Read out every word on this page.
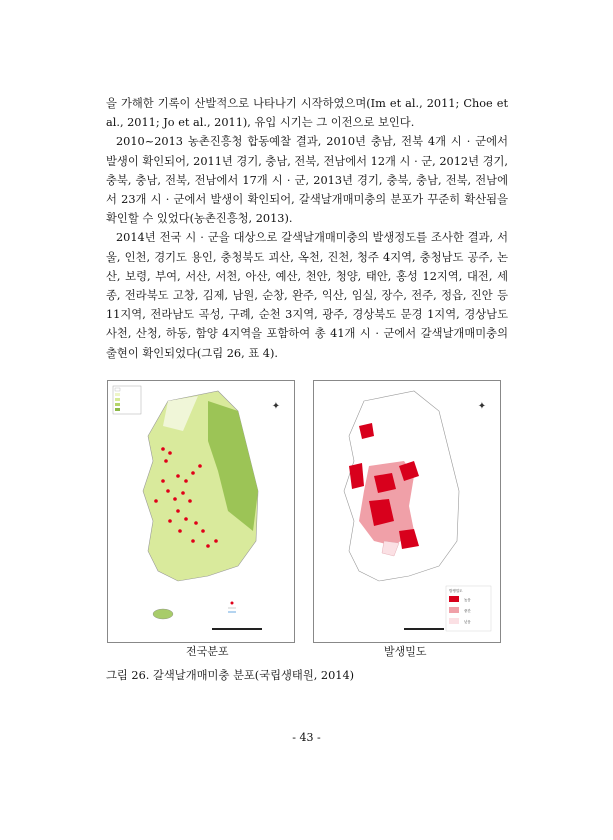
을 가해한 기록이 산발적으로 나타나기 시작하였으며(Im et al., 2011; Choe et al., 2011; Jo et al., 2011), 유입 시기는 그 이전으로 보인다.

2010~2013 농촌진흥청 합동예찰 결과, 2010년 충남, 전북 4개 시 · 군에서 발생이 확인되어, 2011년 경기, 충남, 전북, 전남에서 12개 시 · 군, 2012년 경기, 충북, 충남, 전북, 전남에서 17개 시 · 군, 2013년 경기, 충북, 충남, 전북, 전남에서 23개 시 · 군에서 발생이 확인되어, 갈색날개매미충의 분포가 꾸준히 확산됨을 확인할 수 있었다(농촌진흥청, 2013).

2014년 전국 시 · 군을 대상으로 갈색날개매미충의 발생정도를 조사한 결과, 서울, 인천, 경기도 용인, 충청북도 괴산, 옥천, 진천, 청주 4지역, 충청남도 공주, 논산, 보령, 부여, 서산, 서천, 아산, 예산, 천안, 청양, 태안, 홍성 12지역, 대전, 세종, 전라북도 고창, 김제, 남원, 순창, 완주, 익산, 임실, 장수, 전주, 정읍, 진안 등 11지역, 전라남도 곡성, 구례, 순천 3지역, 광주, 경상북도 문경 1지역, 경상남도 사천, 산청, 하동, 함양 4지역을 포함하여 총 41개 시 · 군에서 갈색날개매미충의 출현이 확인되었다(그림 26, 표 4).

✦	✦
발생밀도
높음
중간
낮음
전국분포	발생밀도
그림 26. 갈색날개매미충 분포(국립생태원, 2014)
- 43 -
